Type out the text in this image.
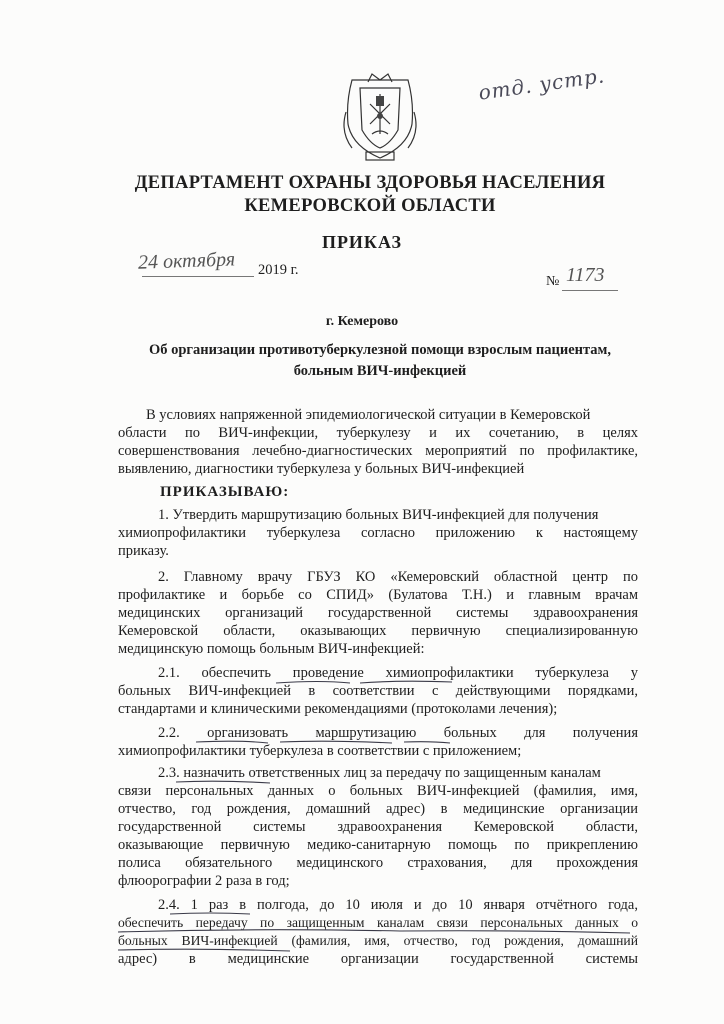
отд. устр.
ДЕПАРТАМЕНТ ОХРАНЫ ЗДОРОВЬЯ НАСЕЛЕНИЯ
КЕМЕРОВСКОЙ ОБЛАСТИ
ПРИКАЗ
24 октября 2019 г.
№ 1173
г. Кемерово
Об организации противотуберкулезной помощи взрослым пациентам,
больным ВИЧ-инфекцией
В условиях напряженной эпидемиологической ситуации в Кемеровской
области по ВИЧ-инфекции, туберкулезу и их сочетанию, в целях
совершенствования лечебно-диагностических мероприятий по профилактике,
выявлению, диагностики туберкулеза у больных ВИЧ-инфекцией
ПРИКАЗЫВАЮ:
1. Утвердить маршрутизацию больных ВИЧ-инфекцией для получения
химиопрофилактики туберкулеза согласно приложению к настоящему
приказу.
2. Главному врачу ГБУЗ КО «Кемеровский областной центр по
профилактике и борьбе со СПИД» (Булатова Т.Н.) и главным врачам
медицинских организаций государственной системы здравоохранения
Кемеровской области, оказывающих первичную специализированную
медицинскую помощь больным ВИЧ-инфекцией:
2.1. обеспечить проведение химиопрофилактики туберкулеза у
больных ВИЧ-инфекцией в соответствии с действующими порядками,
стандартами и клиническими рекомендациями (протоколами лечения);
2.2. организовать маршрутизацию больных для получения
химиопрофилактики туберкулеза в соответствии с приложением;
2.3. назначить ответственных лиц за передачу по защищенным каналам
связи персональных данных о больных ВИЧ-инфекцией (фамилия, имя,
отчество, год рождения, домашний адрес) в медицинские организации
государственной системы здравоохранения Кемеровской области,
оказывающие первичную медико-санитарную помощь по прикреплению
полиса обязательного медицинского страхования, для прохождения
флюорографии 2 раза в год;
2.4. 1 раз в полгода, до 10 июля и до 10 января отчётного года,
обеспечить передачу по защищенным каналам связи персональных данных о
больных ВИЧ-инфекцией (фамилия, имя, отчество, год рождения, домашний
адрес) в медицинские организации государственной системы
